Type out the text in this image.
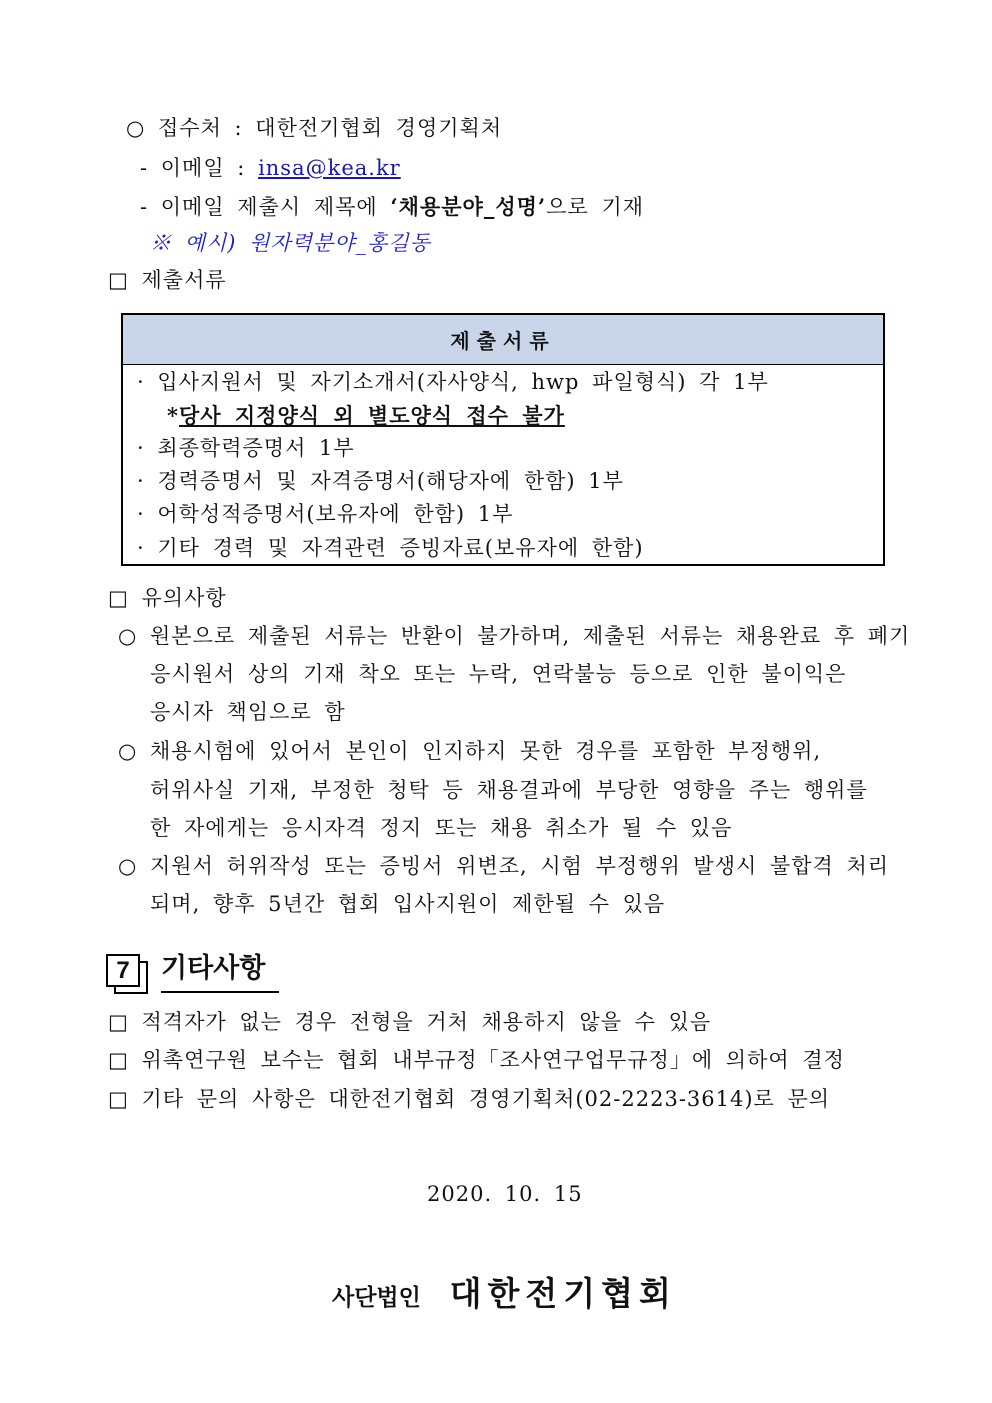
○ 접수처 : 대한전기협회 경영기획처
- 이메일 : insa@kea.kr
- 이메일 제출시 제목에 ‘채용분야_성명’으로 기재
※ 예시) 원자력분야_홍길동
□ 제출서류
제출서류
· 입사지원서 및 자기소개서(자사양식, hwp 파일형식) 각 1부
*당사 지정양식 외 별도양식 접수 불가
· 최종학력증명서 1부
· 경력증명서 및 자격증명서(해당자에 한함) 1부
· 어학성적증명서(보유자에 한함) 1부
· 기타 경력 및 자격관련 증빙자료(보유자에 한함)
□ 유의사항
○ 원본으로 제출된 서류는 반환이 불가하며, 제출된 서류는 채용완료 후 폐기
응시원서 상의 기재 착오 또는 누락, 연락불능 등으로 인한 불이익은
응시자 책임으로 함
○ 채용시험에 있어서 본인이 인지하지 못한 경우를 포함한 부정행위,
허위사실 기재, 부정한 청탁 등 채용결과에 부당한 영향을 주는 행위를
한 자에게는 응시자격 정지 또는 채용 취소가 될 수 있음
○ 지원서 허위작성 또는 증빙서 위변조, 시험 부정행위 발생시 불합격 처리
되며, 향후 5년간 협회 입사지원이 제한될 수 있음
7	기타사항
□ 적격자가 없는 경우 전형을 거처 채용하지 않을 수 있음
□ 위촉연구원 보수는 협회 내부규정「조사연구업무규정」에 의하여 결정
□ 기타 문의 사항은 대한전기협회 경영기획처(02-2223-3614)로 문의
2020. 10. 15
사단법인 대한전기협회
